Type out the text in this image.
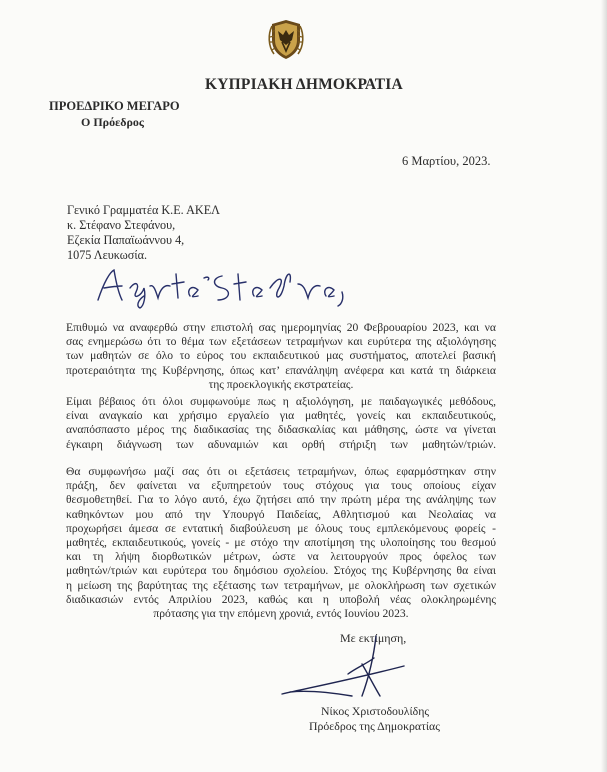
ΚΥΠΡΙΑΚΗ ΔΗΜΟΚΡΑΤΙΑ
ΠΡΟΕΔΡΙΚΟ ΜΕΓΑΡΟ
Ο Πρόεδρος
6 Μαρτίου, 2023.
Γενικό Γραμματέα Κ.Ε. ΑΚΕΛ
κ. Στέφανο Στεφάνου,
Εζεκία Παπαϊωάννου 4,
1075 Λευκωσία.
Επιθυμώ να αναφερθώ στην επιστολή σας ημερομηνίας 20 Φεβρουαρίου 2023, και να
σας ενημερώσω ότι το θέμα των εξετάσεων τετραμήνων και ευρύτερα της αξιολόγησης
των μαθητών σε όλο το εύρος του εκπαιδευτικού μας συστήματος, αποτελεί βασική
προτεραιότητα της Κυβέρνησης, όπως κατ’ επανάληψη ανέφερα και κατά τη διάρκεια
της προεκλογικής εκστρατείας.
Είμαι βέβαιος ότι όλοι συμφωνούμε πως η αξιολόγηση, με παιδαγωγικές μεθόδους,
είναι αναγκαίο και χρήσιμο εργαλείο για μαθητές, γονείς και εκπαιδευτικούς,
αναπόσπαστο μέρος της διαδικασίας της διδασκαλίας και μάθησης, ώστε να γίνεται
έγκαιρη διάγνωση των αδυναμιών και ορθή στήριξη των μαθητών/τριών.
Θα συμφωνήσω μαζί σας ότι οι εξετάσεις τετραμήνων, όπως εφαρμόστηκαν στην
πράξη, δεν φαίνεται να εξυπηρετούν τους στόχους για τους οποίους είχαν
θεσμοθετηθεί. Για το λόγο αυτό, έχω ζητήσει από την πρώτη μέρα της ανάληψης των
καθηκόντων μου από την Υπουργό Παιδείας, Αθλητισμού και Νεολαίας να
προχωρήσει άμεσα σε εντατική διαβούλευση με όλους τους εμπλεκόμενους φορείς -
μαθητές, εκπαιδευτικούς, γονείς - με στόχο την αποτίμηση της υλοποίησης του θεσμού
και τη λήψη διορθωτικών μέτρων, ώστε να λειτουργούν προς όφελος των
μαθητών/τριών και ευρύτερα του δημόσιου σχολείου. Στόχος της Κυβέρνησης θα είναι
η μείωση της βαρύτητας της εξέτασης των τετραμήνων, με ολοκλήρωση των σχετικών
διαδικασιών εντός Απριλίου 2023, καθώς και η υποβολή νέας ολοκληρωμένης
πρότασης για την επόμενη χρονιά, εντός Ιουνίου 2023.
Με εκτίμηση,
Νίκος Χριστοδουλίδης
Πρόεδρος της Δημοκρατίας
